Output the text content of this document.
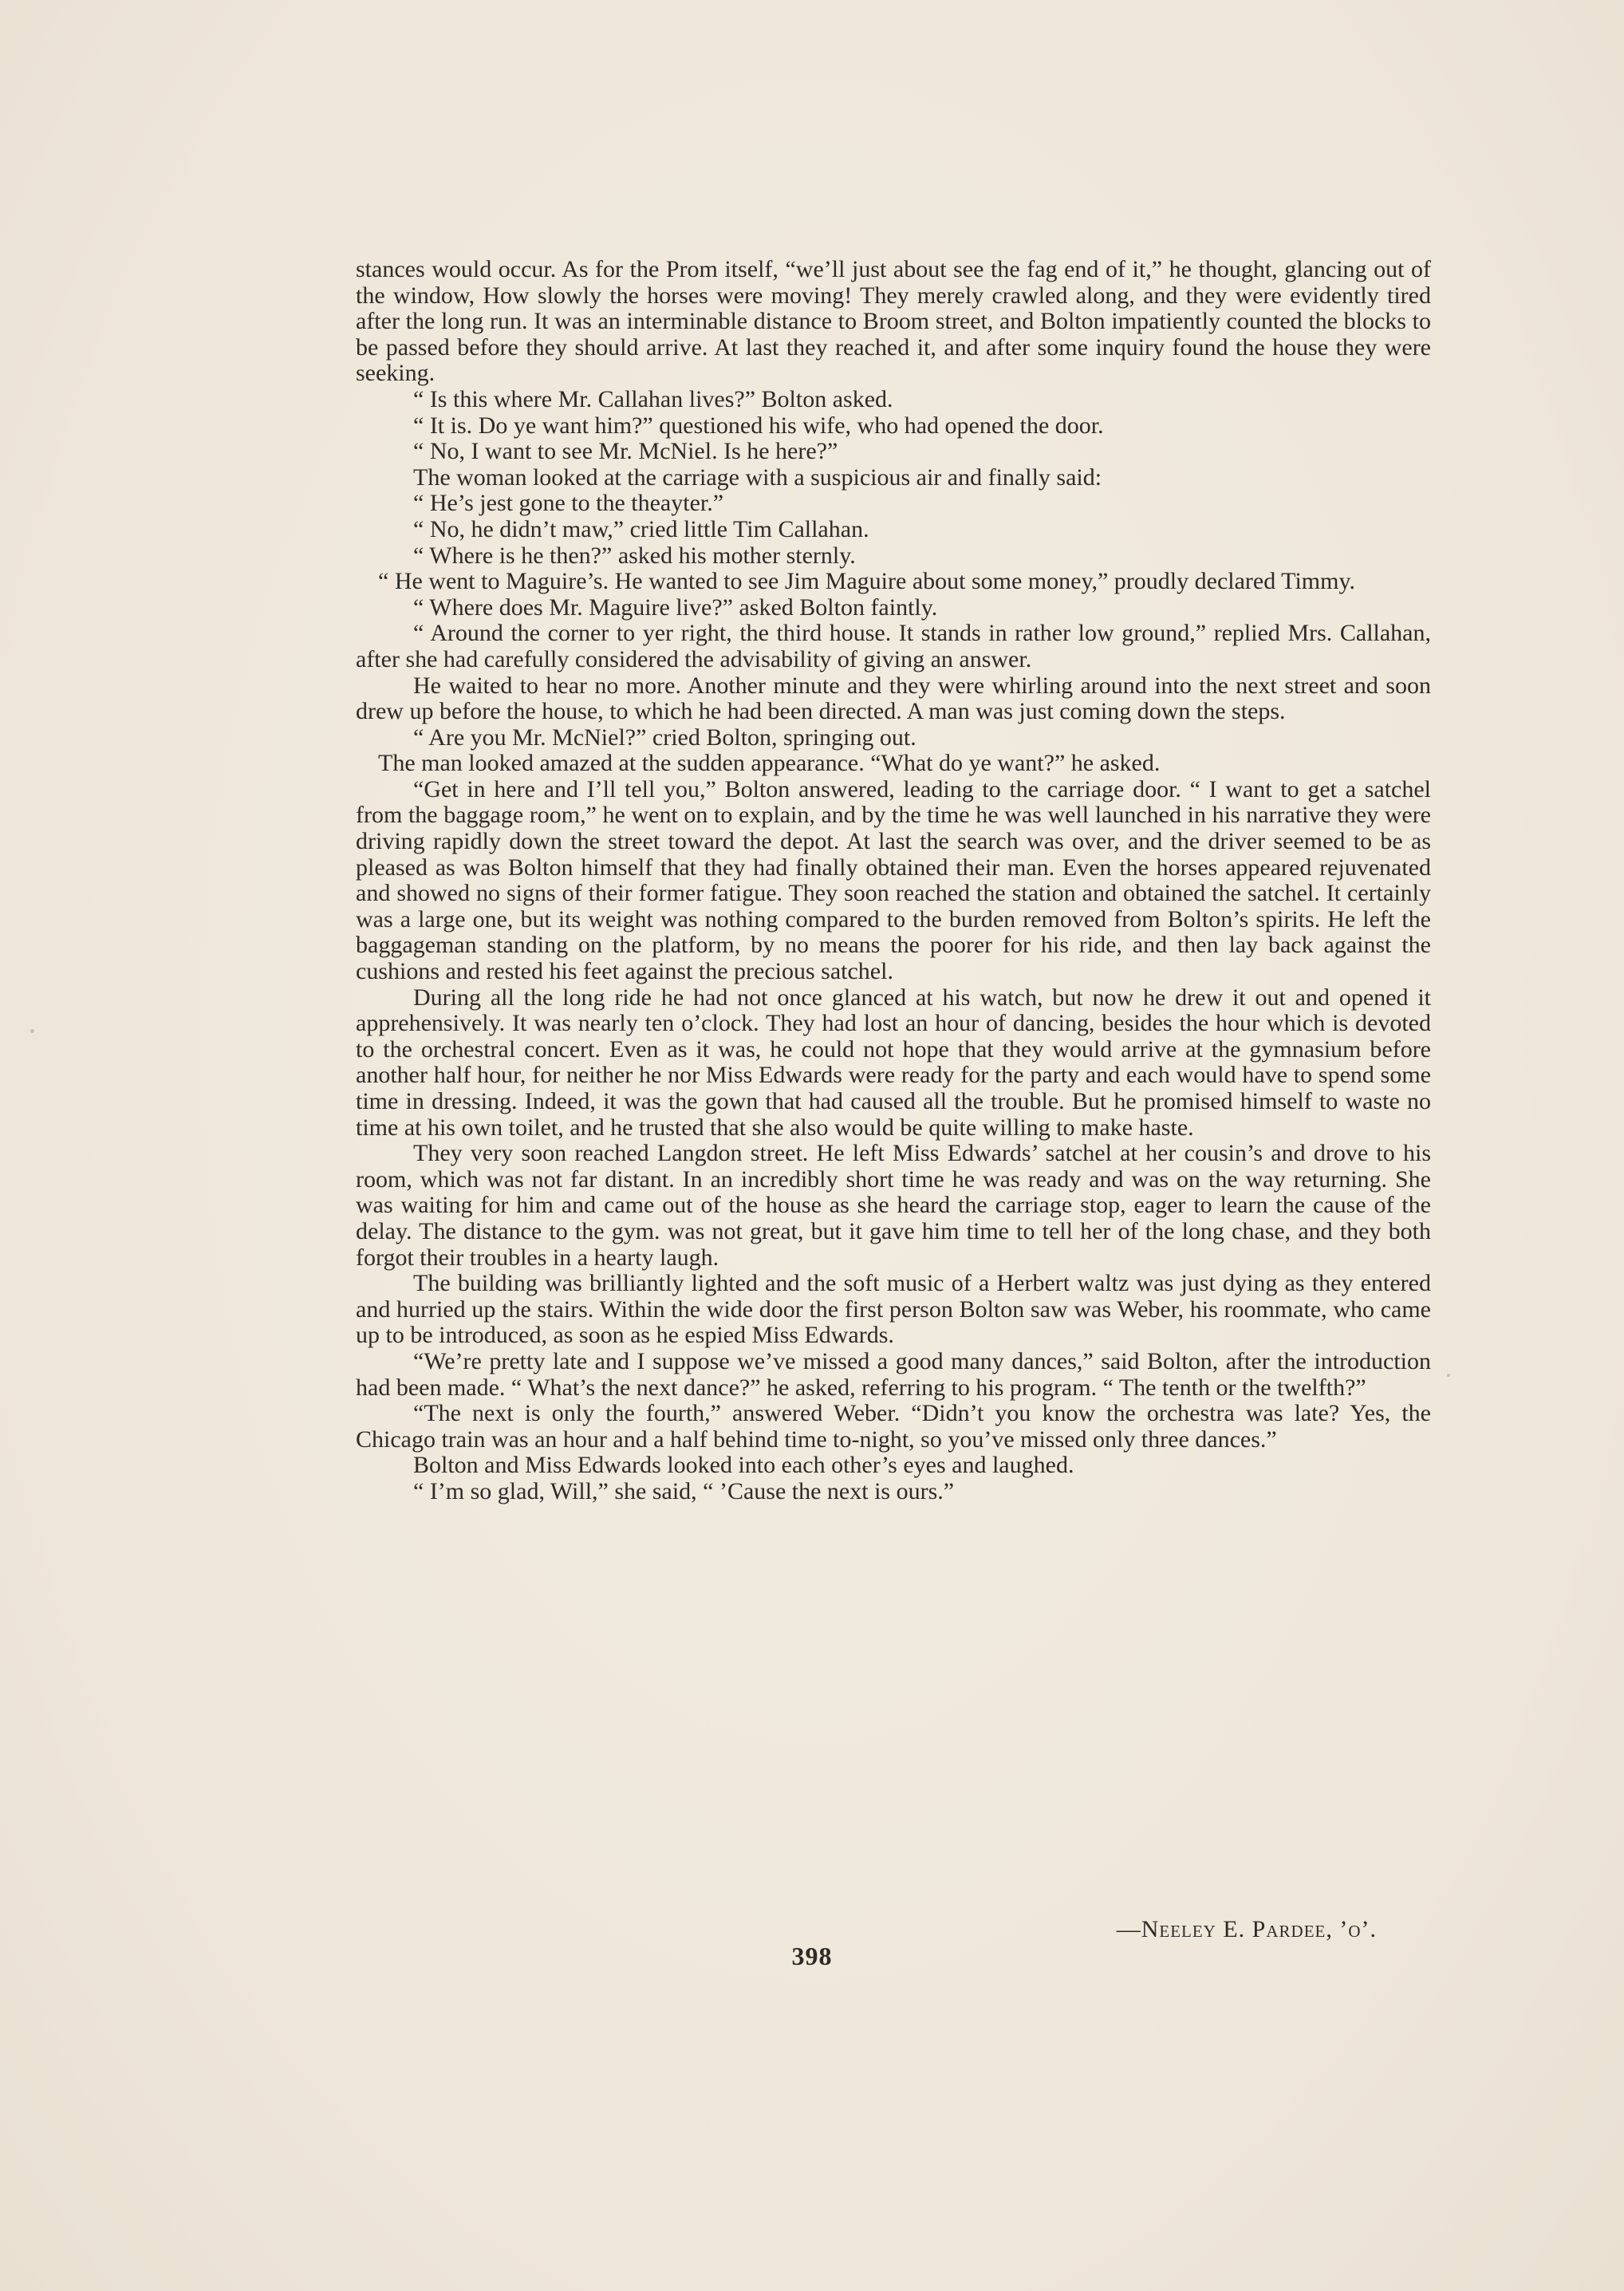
stances would occur. As for the Prom itself, “we’ll just about see the fag end of it,” he thought, glancing out of the window, How slowly the horses were moving! They merely crawled along, and they were evidently tired after the long run. It was an interminable distance to Broom street, and Bolton impatiently counted the blocks to be passed before they should arrive. At last they reached it, and after some inquiry found the house they were seeking.

“ Is this where Mr. Callahan lives?” Bolton asked.

“ It is. Do ye want him?” questioned his wife, who had opened the door.

“ No, I want to see Mr. McNiel. Is he here?”

The woman looked at the carriage with a suspicious air and finally said:

“ He’s jest gone to the theayter.”

“ No, he didn’t maw,” cried little Tim Callahan.

“ Where is he then?” asked his mother sternly.

“ He went to Maguire’s. He wanted to see Jim Maguire about some money,” proudly declared Timmy.

“ Where does Mr. Maguire live?” asked Bolton faintly.

“ Around the corner to yer right, the third house. It stands in rather low ground,” replied Mrs. Callahan, after she had carefully considered the advisability of giving an answer.

He waited to hear no more. Another minute and they were whirling around into the next street and soon drew up before the house, to which he had been directed. A man was just coming down the steps.

“ Are you Mr. McNiel?” cried Bolton, springing out.

The man looked amazed at the sudden appearance. “What do ye want?” he asked.

“Get in here and I’ll tell you,” Bolton answered, leading to the carriage door. “ I want to get a satchel from the baggage room,” he went on to explain, and by the time he was well launched in his narrative they were driving rapidly down the street toward the depot. At last the search was over, and the driver seemed to be as pleased as was Bolton himself that they had finally obtained their man. Even the horses appeared rejuvenated and showed no signs of their former fatigue. They soon reached the station and obtained the satchel. It certainly was a large one, but its weight was nothing compared to the burden removed from Bolton’s spirits. He left the baggageman standing on the platform, by no means the poorer for his ride, and then lay back against the cushions and rested his feet against the precious satchel.

During all the long ride he had not once glanced at his watch, but now he drew it out and opened it apprehensively. It was nearly ten o’clock. They had lost an hour of dancing, besides the hour which is devoted to the orchestral concert. Even as it was, he could not hope that they would arrive at the gymnasium before another half hour, for neither he nor Miss Edwards were ready for the party and each would have to spend some time in dressing. Indeed, it was the gown that had caused all the trouble. But he promised himself to waste no time at his own toilet, and he trusted that she also would be quite willing to make haste.

They very soon reached Langdon street. He left Miss Edwards’ satchel at her cousin’s and drove to his room, which was not far distant. In an incredibly short time he was ready and was on the way returning. She was waiting for him and came out of the house as she heard the carriage stop, eager to learn the cause of the delay. The distance to the gym. was not great, but it gave him time to tell her of the long chase, and they both forgot their troubles in a hearty laugh.

The building was brilliantly lighted and the soft music of a Herbert waltz was just dying as they entered and hurried up the stairs. Within the wide door the first person Bolton saw was Weber, his roommate, who came up to be introduced, as soon as he espied Miss Edwards.

“We’re pretty late and I suppose we’ve missed a good many dances,” said Bolton, after the introduction had been made. “ What’s the next dance?” he asked, referring to his program. “ The tenth or the twelfth?”

“The next is only the fourth,” answered Weber. “Didn’t you know the orchestra was late? Yes, the Chicago train was an hour and a half behind time to-night, so you’ve missed only three dances.”

Bolton and Miss Edwards looked into each other’s eyes and laughed.

“ I’m so glad, Will,” she said, “ ’Cause the next is ours.”

—Neeley E. Pardee, ’o’.
398
